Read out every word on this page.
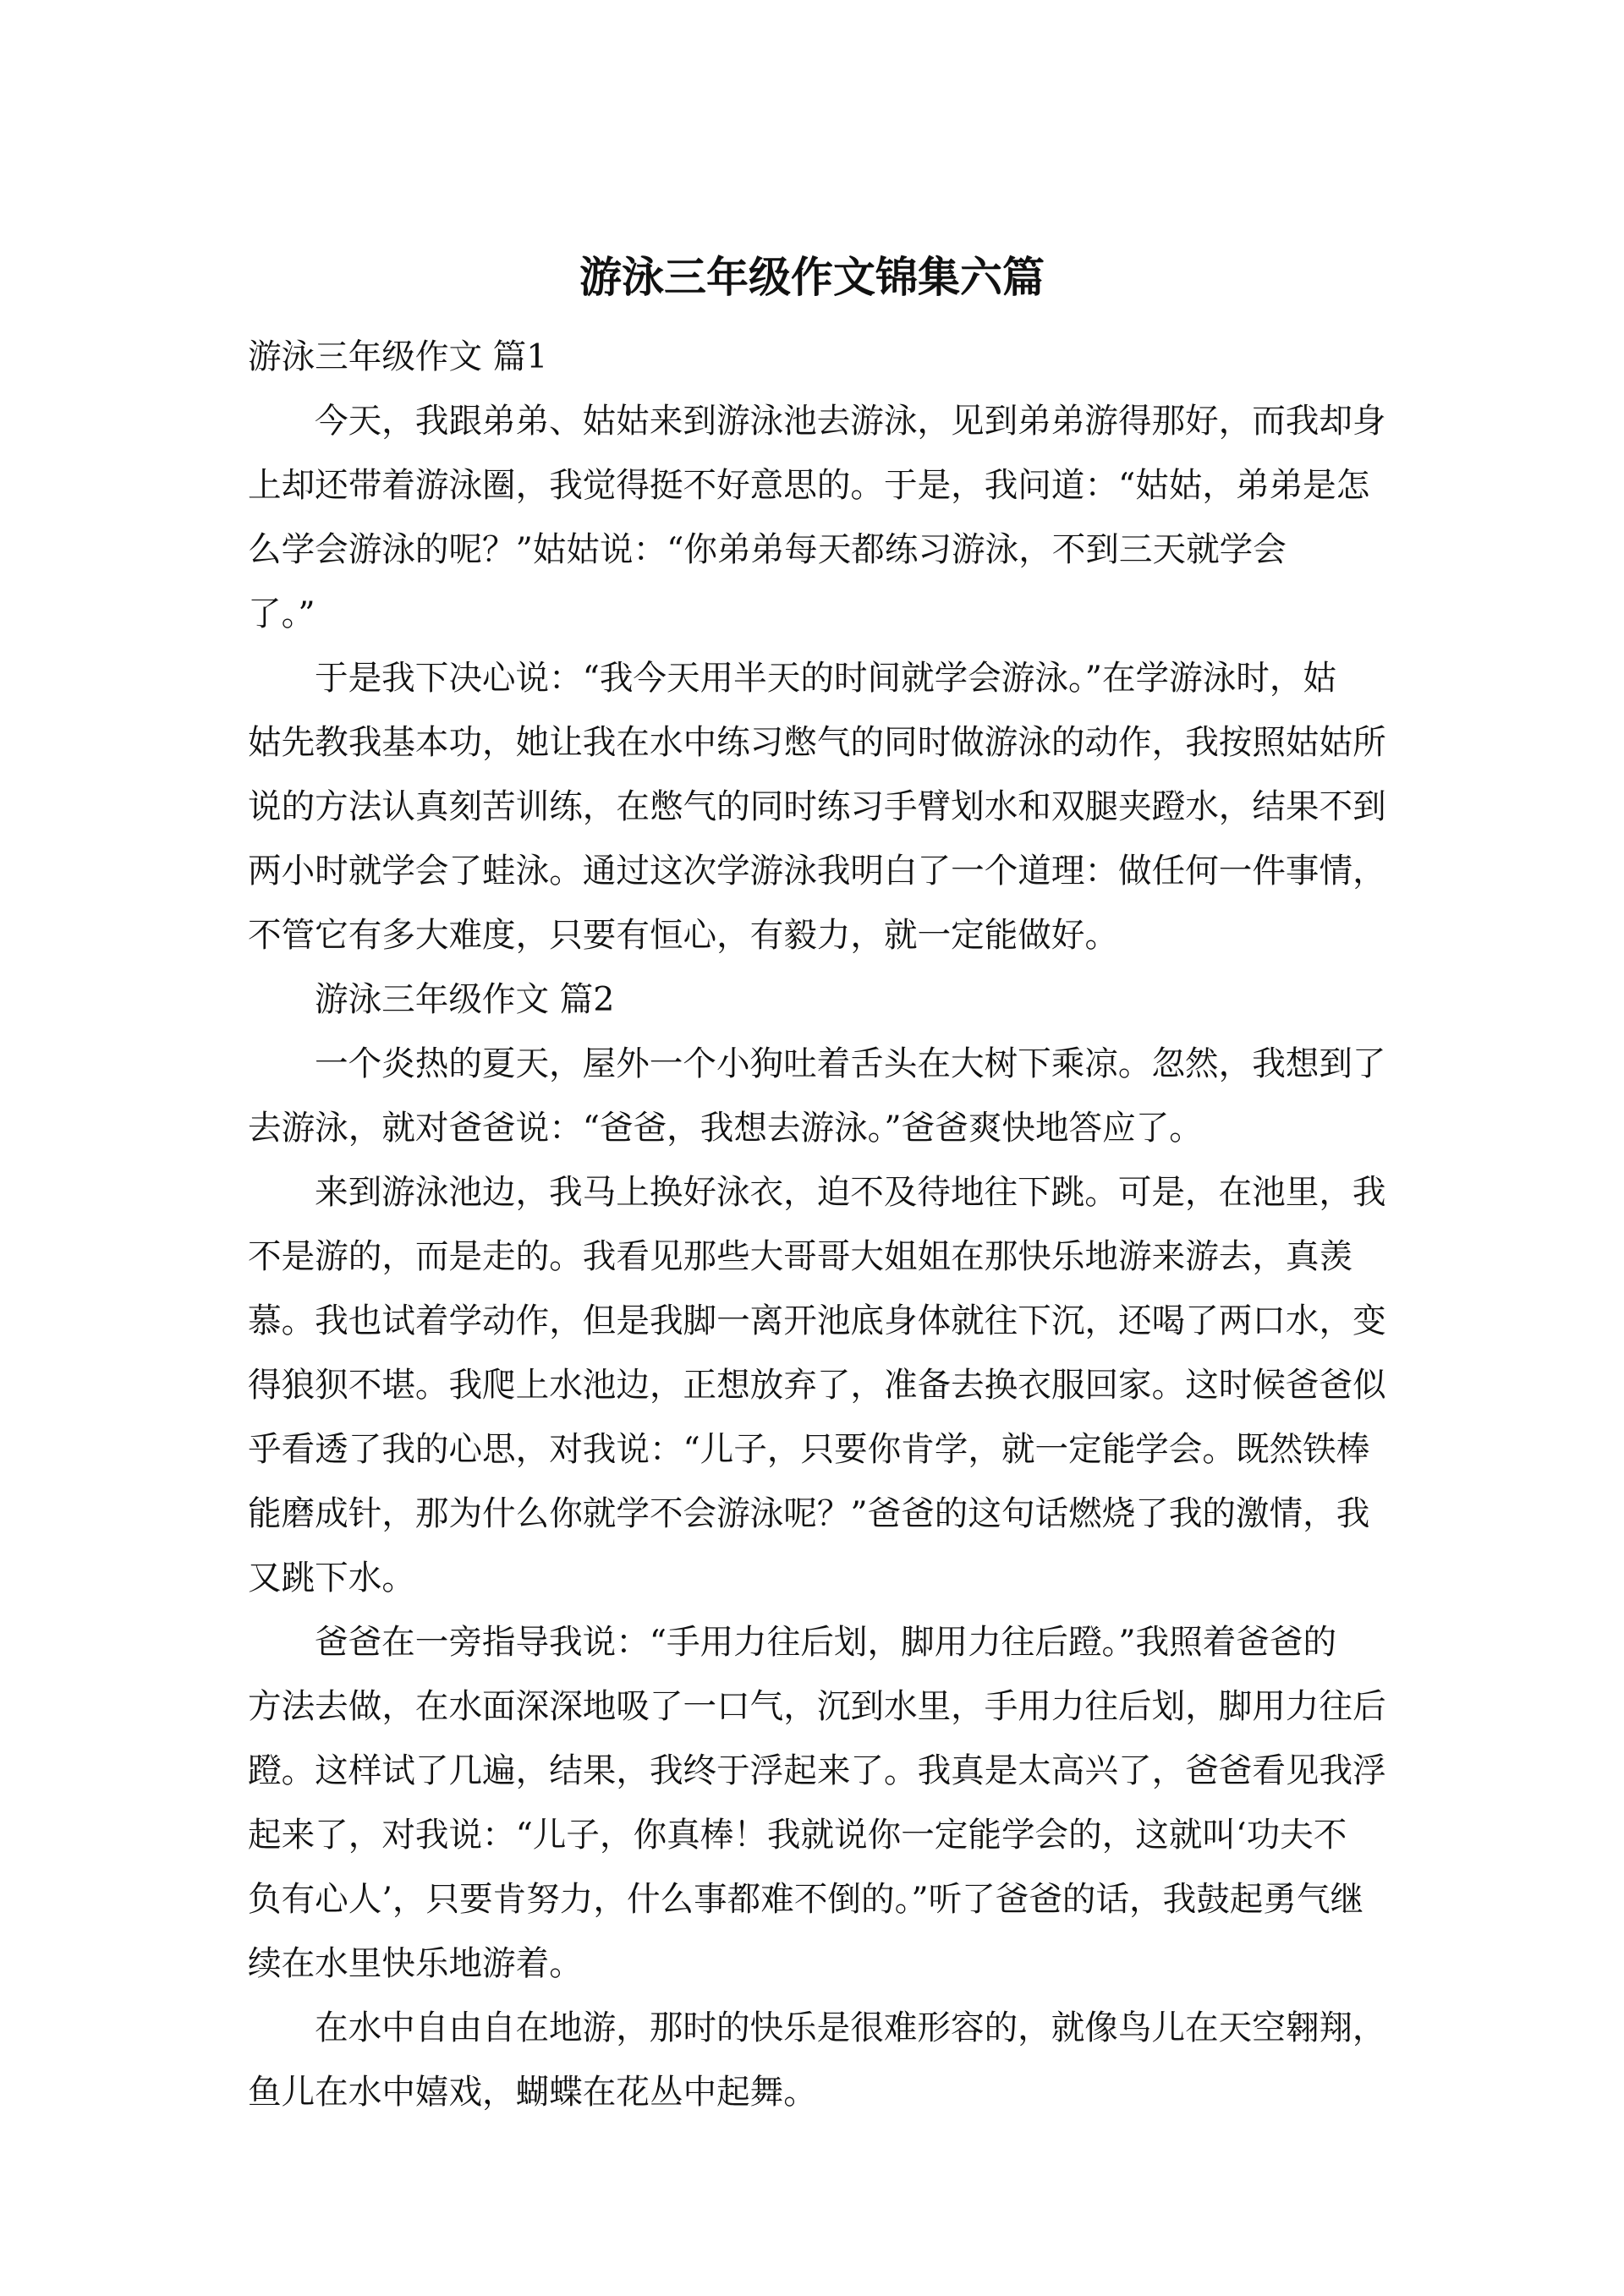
游泳三年级作文锦集六篇
游泳三年级作文 篇1
今天，我跟弟弟、姑姑来到游泳池去游泳，见到弟弟游得那好，而我却身
上却还带着游泳圈，我觉得挺不好意思的。于是，我问道：“姑姑，弟弟是怎
么学会游泳的呢？”姑姑说：“你弟弟每天都练习游泳，不到三天就学会
了。”
于是我下决心说：“我今天用半天的时间就学会游泳。”在学游泳时，姑
姑先教我基本功，她让我在水中练习憋气的同时做游泳的动作，我按照姑姑所
说的方法认真刻苦训练，在憋气的同时练习手臂划水和双腿夹蹬水，结果不到
两小时就学会了蛙泳。通过这次学游泳我明白了一个道理：做任何一件事情，
不管它有多大难度，只要有恒心，有毅力，就一定能做好。
游泳三年级作文 篇2
一个炎热的夏天，屋外一个小狗吐着舌头在大树下乘凉。忽然，我想到了
去游泳，就对爸爸说：“爸爸，我想去游泳。”爸爸爽快地答应了。
来到游泳池边，我马上换好泳衣，迫不及待地往下跳。可是，在池里，我
不是游的，而是走的。我看见那些大哥哥大姐姐在那快乐地游来游去，真羡
慕。我也试着学动作，但是我脚一离开池底身体就往下沉，还喝了两口水，变
得狼狈不堪。我爬上水池边，正想放弃了，准备去换衣服回家。这时候爸爸似
乎看透了我的心思，对我说：“儿子，只要你肯学，就一定能学会。既然铁棒
能磨成针，那为什么你就学不会游泳呢？”爸爸的这句话燃烧了我的激情，我
又跳下水。
爸爸在一旁指导我说：“手用力往后划，脚用力往后蹬。”我照着爸爸的
方法去做，在水面深深地吸了一口气，沉到水里，手用力往后划，脚用力往后
蹬。这样试了几遍，结果，我终于浮起来了。我真是太高兴了，爸爸看见我浮
起来了，对我说：“儿子，你真棒！我就说你一定能学会的，这就叫‘功夫不
负有心人’，只要肯努力，什么事都难不倒的。”听了爸爸的话，我鼓起勇气继
续在水里快乐地游着。
在水中自由自在地游，那时的快乐是很难形容的，就像鸟儿在天空翱翔，
鱼儿在水中嬉戏，蝴蝶在花丛中起舞。
